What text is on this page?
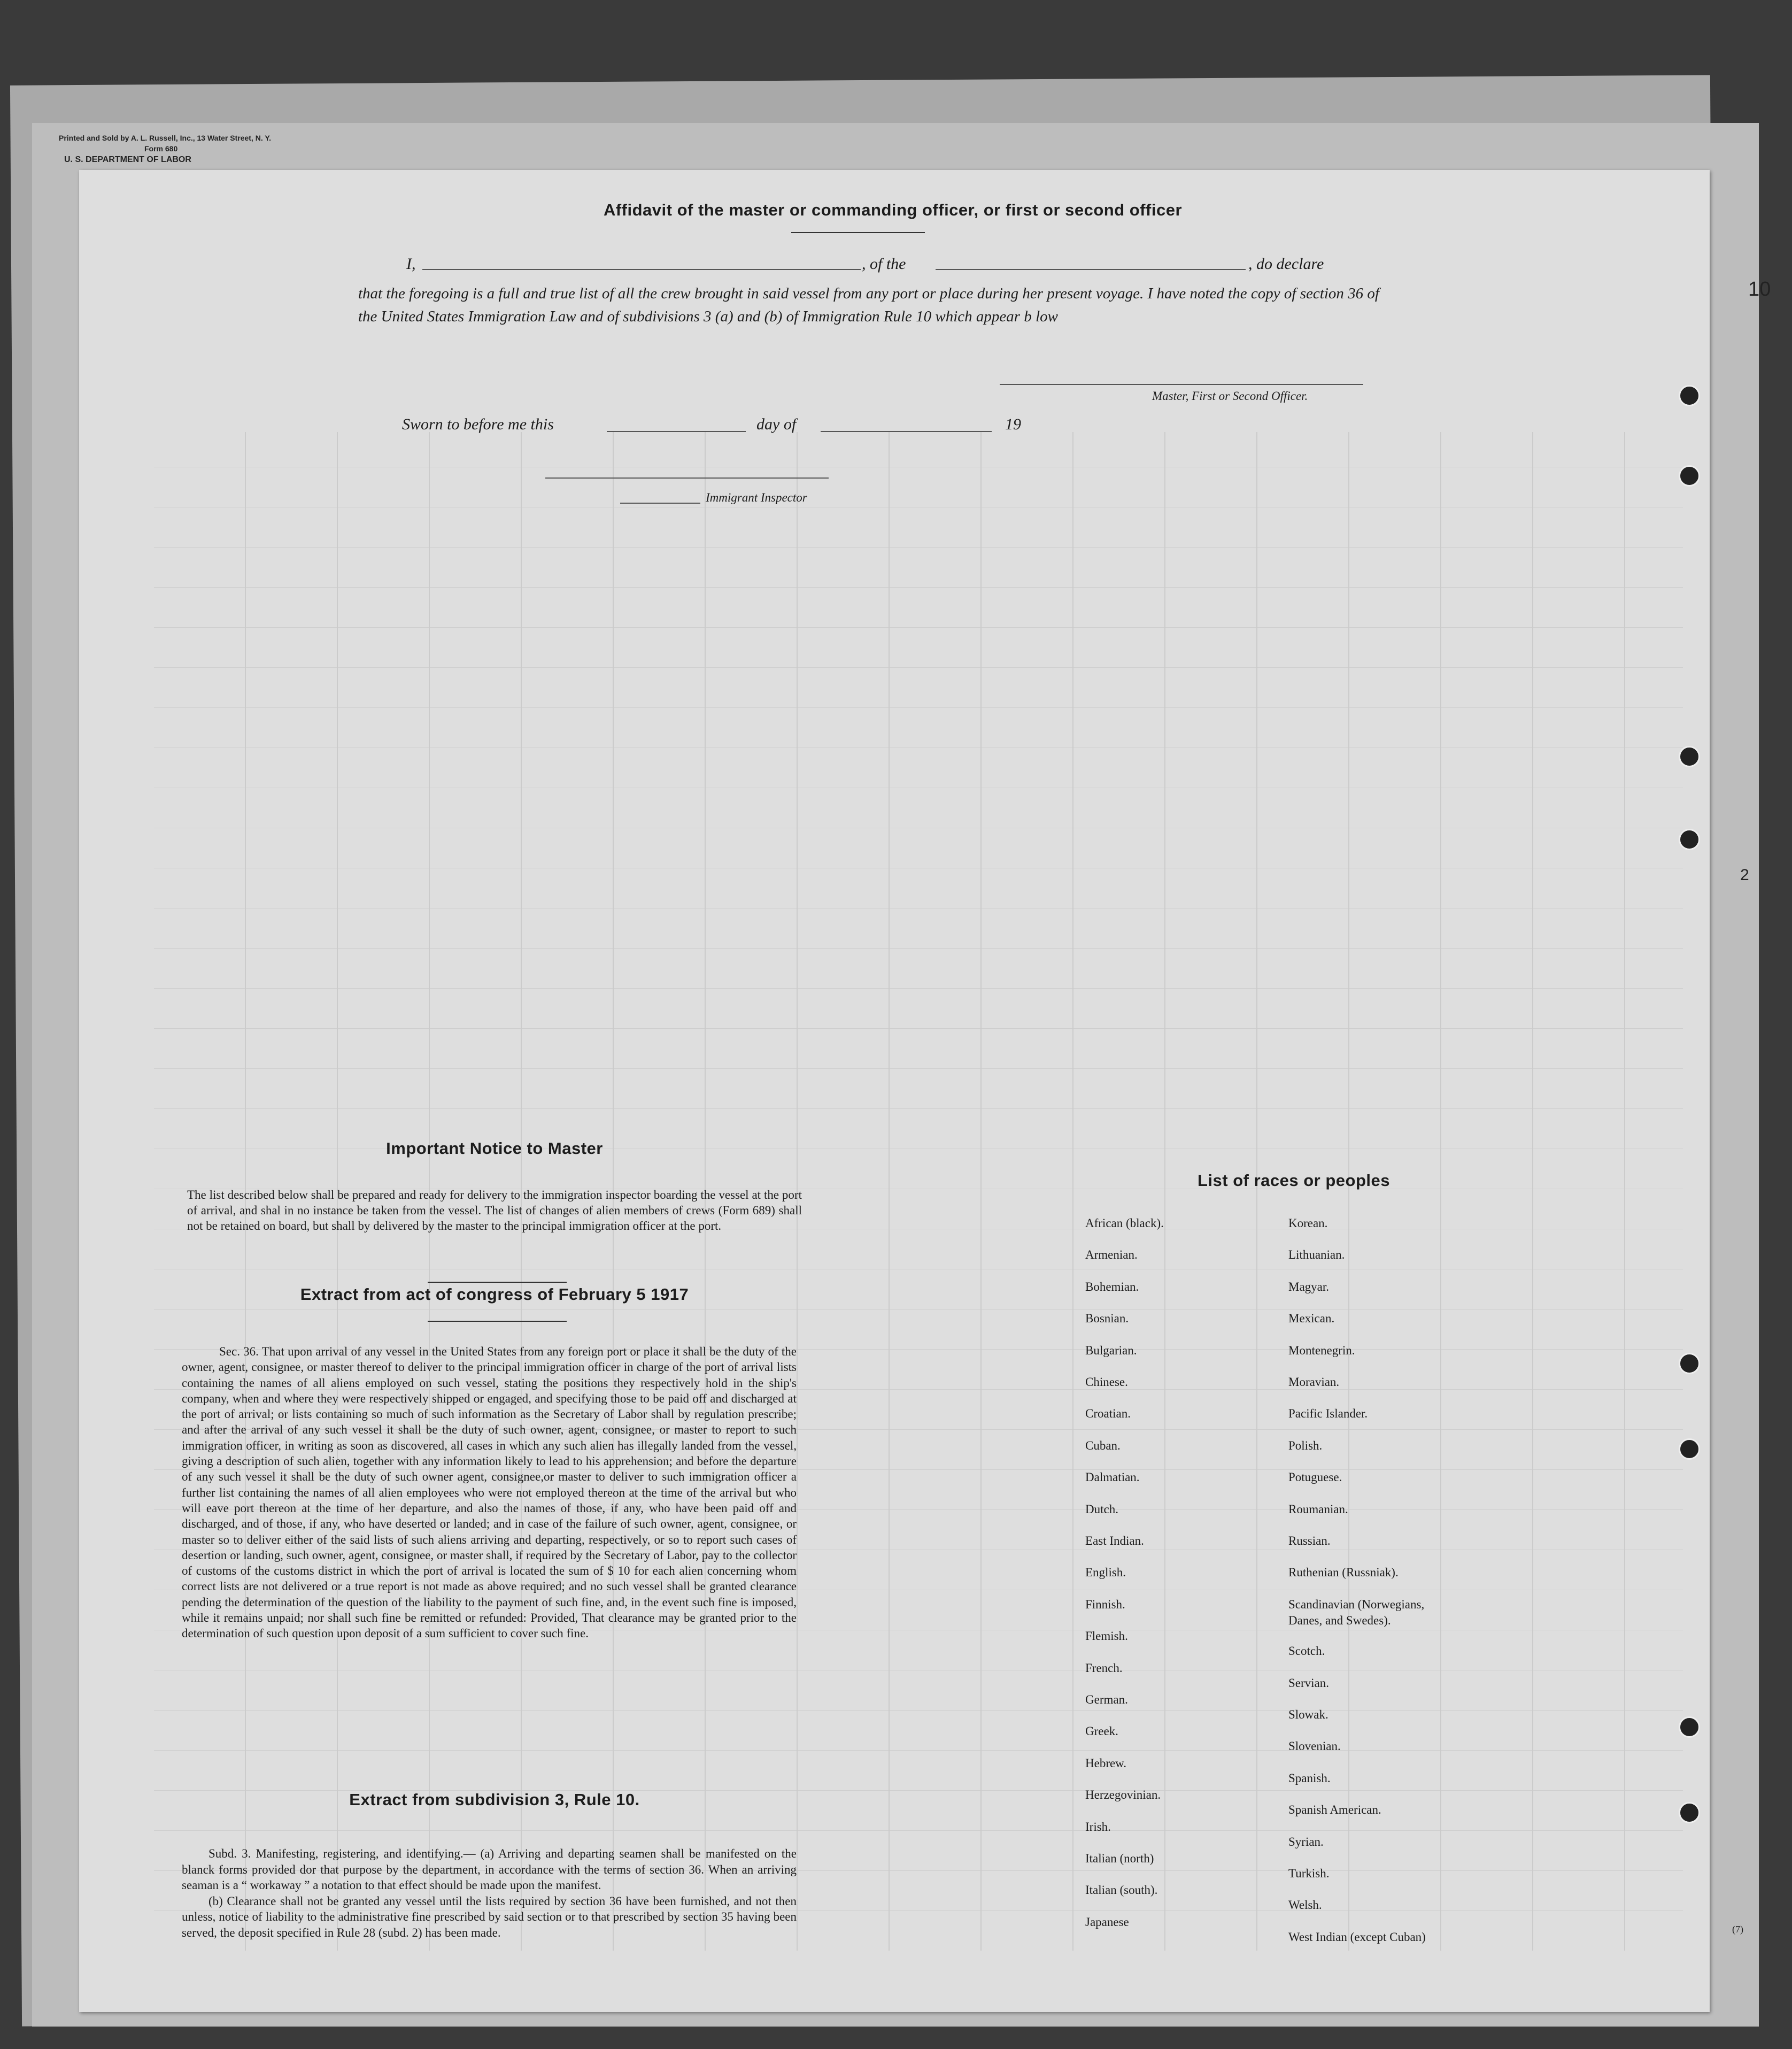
Printed and Sold by A. L. Russell, Inc., 13 Water Street, N. Y.
Form 680
U. S. DEPARTMENT OF LABOR
Affidavit of the master or commanding officer, or first or second officer
I,	, of the	, do declare
that the foregoing is a full and true list of all the crew brought in said vessel from any port or place during her present voyage. I have noted the copy of section 36 of the United States Immigration Law and of subdivisions 3 (a) and (b) of Immigration Rule 10 which appear b low
Master, First or Second Officer.
Sworn to before me this	day of	19
Immigrant Inspector
Important Notice to Master
The list described below shall be prepared and ready for delivery to the immigration inspector boarding the vessel at the port of arrival, and shal in no instance be taken from the vessel. The list of changes of alien members of crews (Form 689) shall not be retained on board, but shall by delivered by the master to the principal immigration officer at the port.
Extract from act of congress of February 5 1917
Sec. 36. That upon arrival of any vessel in the United States from any foreign port or place it shall be the duty of the owner, agent, consignee, or master thereof to deliver to the principal immigration officer in charge of the port of arrival lists containing the names of all aliens employed on such vessel, stating the positions they respectively hold in the ship's company, when and where they were respectively shipped or engaged, and specifying those to be paid off and discharged at the port of arrival; or lists containing so much of such information as the Secretary of Labor shall by regulation prescribe; and after the arrival of any such vessel it shall be the duty of such owner, agent, consignee, or master to report to such immigration officer, in writing as soon as discovered, all cases in which any such alien has illegally landed from the vessel, giving a description of such alien, together with any information likely to lead to his apprehension; and before the departure of any such vessel it shall be the duty of such owner agent, consignee,or master to deliver to such immigration officer a further list containing the names of all alien employees who were not employed thereon at the time of the arrival but who will eave port thereon at the time of her departure, and also the names of those, if any, who have been paid off and discharged, and of those, if any, who have deserted or landed; and in case of the failure of such owner, agent, consignee, or master so to deliver either of the said lists of such aliens arriving and departing, respectively, or so to report such cases of desertion or landing, such owner, agent, consignee, or master shall, if required by the Secretary of Labor, pay to the collector of customs of the customs district in which the port of arrival is located the sum of $ 10 for each alien concerning whom correct lists are not delivered or a true report is not made as above required; and no such vessel shall be granted clearance pending the determination of the question of the liability to the payment of such fine, and, in the event such fine is imposed, while it remains unpaid; nor shall such fine be remitted or refunded: Provided, That clearance may be granted prior to the determination of such question upon deposit of a sum sufficient to cover such fine.
Extract from subdivision 3, Rule 10.

Subd. 3. Manifesting, registering, and identifying.— (a) Arriving and departing seamen shall be manifested on the blanck forms provided dor that purpose by the department, in accordance with the terms of section 36. When an arriving seaman is a “ workaway ” a notation to that effect should be made upon the manifest.

(b) Clearance shall not be granted any vessel until the lists required by section 36 have been furnished, and not then unless, notice of liability to the administrative fine prescribed by said section or to that prescribed by section 35 having been served, the deposit specified in Rule 28 (subd. 2) has been made.

List of races or peoples
African (black).
Armenian.
Bohemian.
Bosnian.
Bulgarian.
Chinese.
Croatian.
Cuban.
Dalmatian.
Dutch.
East Indian.
English.
Finnish.
Flemish.
French.
German.
Greek.
Hebrew.
Herzegovinian.
Irish.
Italian (north)
Italian (south).
Japanese
Korean.
Lithuanian.
Magyar.
Mexican.
Montenegrin.
Moravian.
Pacific Islander.
Polish.
Potuguese.
Roumanian.
Russian.
Ruthenian (Russniak).
Scandinavian (Norwegians,
Danes, and Swedes).
Scotch.
Servian.
Slowak.
Slovenian.
Spanish.
Spanish American.
Syrian.
Turkish.
Welsh.
West Indian (except Cuban)
10
2
(7)
